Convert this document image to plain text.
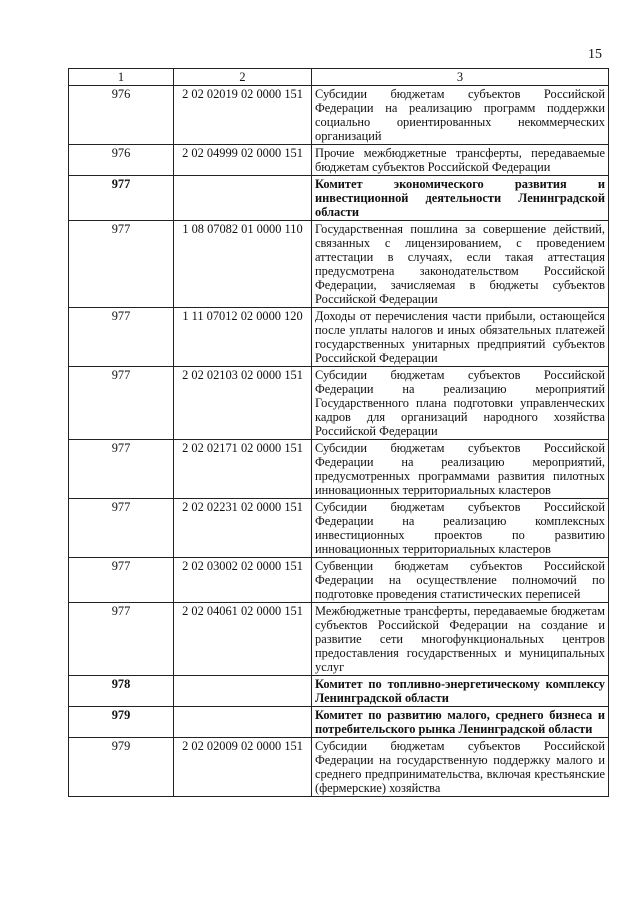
15
1	2	3
976	2 02 02019 02 0000 151	Субсидии бюджетам субъектов Российской Федерации на реализацию программ поддержки социально ориентированных некоммерческих организаций
976	2 02 04999 02 0000 151	Прочие межбюджетные трансферты, передаваемые бюджетам субъектов Российской Федерации
977		Комитет экономического развития и инвестиционной деятельности Ленинградской области
977	1 08 07082 01 0000 110	Государственная пошлина за совершение действий, связанных с лицензированием, с проведением аттестации в случаях, если такая аттестация предусмотрена законодательством Российской Федерации, зачисляемая в бюджеты субъектов Российской Федерации
977	1 11 07012 02 0000 120	Доходы от перечисления части прибыли, остающейся после уплаты налогов и иных обязательных платежей государственных унитарных предприятий субъектов Российской Федерации
977	2 02 02103 02 0000 151	Субсидии бюджетам субъектов Российской Федерации на реализацию мероприятий Государственного плана подготовки управленческих кадров для организаций народного хозяйства Российской Федерации
977	2 02 02171 02 0000 151	Субсидии бюджетам субъектов Российской Федерации на реализацию мероприятий, предусмотренных программами развития пилотных инновационных территориальных кластеров
977	2 02 02231 02 0000 151	Субсидии бюджетам субъектов Российской Федерации на реализацию комплексных инвестиционных проектов по развитию инновационных территориальных кластеров
977	2 02 03002 02 0000 151	Субвенции бюджетам субъектов Российской Федерации на осуществление полномочий по подготовке проведения статистических переписей
977	2 02 04061 02 0000 151	Межбюджетные трансферты, передаваемые бюджетам субъектов Российской Федерации на создание и развитие сети многофункциональных центров предоставления государственных и муниципальных услуг
978		Комитет по топливно-энергетическому комплексу Ленинградской области
979		Комитет по развитию малого, среднего бизнеса и потребительского рынка Ленинградской области
979	2 02 02009 02 0000 151	Субсидии бюджетам субъектов Российской Федерации на государственную поддержку малого и среднего предпринимательства, включая крестьянские (фермерские) хозяйства
